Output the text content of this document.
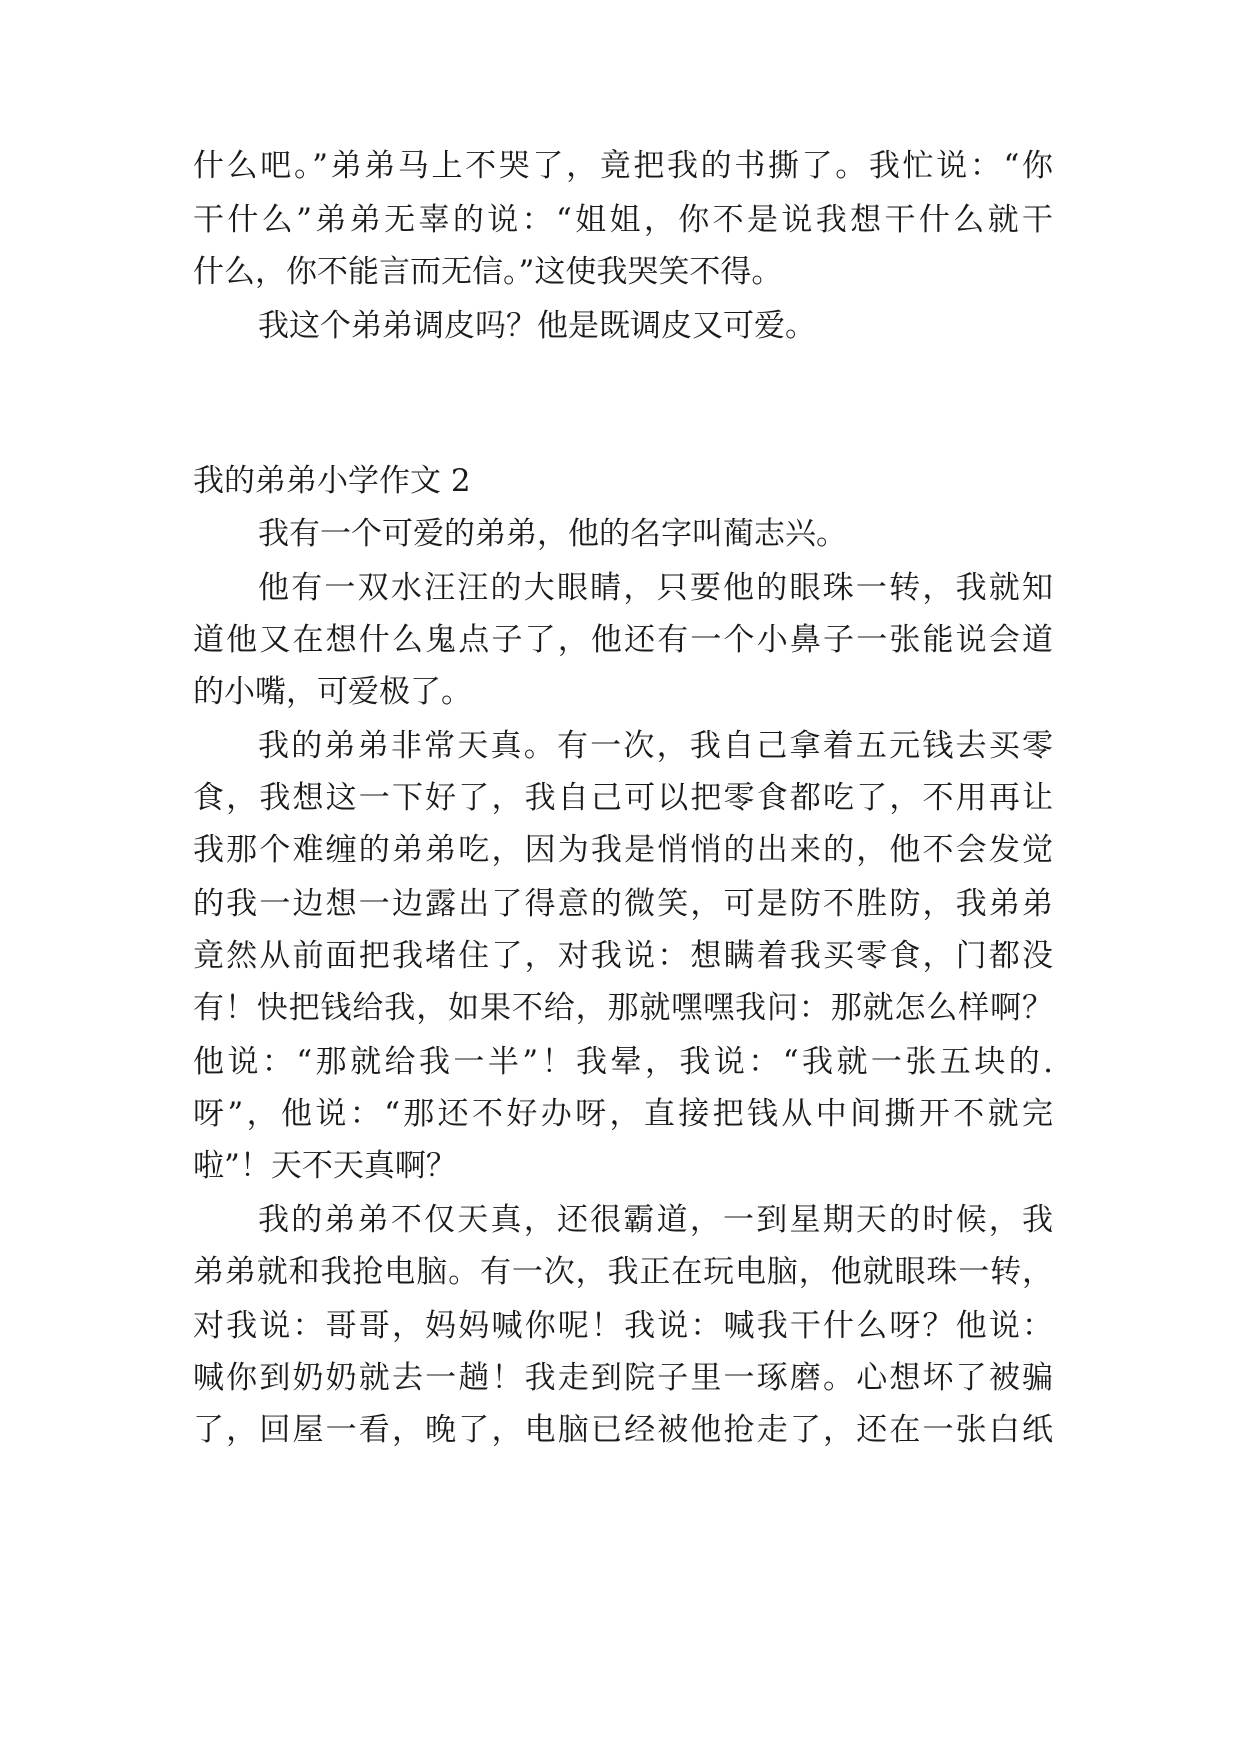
什么吧。”弟弟马上不哭了，竟把我的书撕了。我忙说：“你
干什么”弟弟无辜的说：“姐姐，你不是说我想干什么就干
什么，你不能言而无信。”这使我哭笑不得。
我这个弟弟调皮吗？他是既调皮又可爱。
我的弟弟小学作文 2
我有一个可爱的弟弟，他的名字叫蔺志兴。
他有一双水汪汪的大眼睛，只要他的眼珠一转，我就知
道他又在想什么鬼点子了，他还有一个小鼻子一张能说会道
的小嘴，可爱极了。
我的弟弟非常天真。有一次，我自己拿着五元钱去买零
食，我想这一下好了，我自己可以把零食都吃了，不用再让
我那个难缠的弟弟吃，因为我是悄悄的出来的，他不会发觉
的我一边想一边露出了得意的微笑，可是防不胜防，我弟弟
竟然从前面把我堵住了，对我说：想瞒着我买零食，门都没
有！快把钱给我，如果不给，那就嘿嘿我问：那就怎么样啊？
他说：“那就给我一半”！我晕，我说：“我就一张五块的.
呀”，他说：“那还不好办呀，直接把钱从中间撕开不就完
啦”！天不天真啊？
我的弟弟不仅天真，还很霸道，一到星期天的时候，我
弟弟就和我抢电脑。有一次，我正在玩电脑，他就眼珠一转，
对我说：哥哥，妈妈喊你呢！我说：喊我干什么呀？他说：
喊你到奶奶就去一趟！我走到院子里一琢磨。心想坏了被骗
了，回屋一看，晚了，电脑已经被他抢走了，还在一张白纸
